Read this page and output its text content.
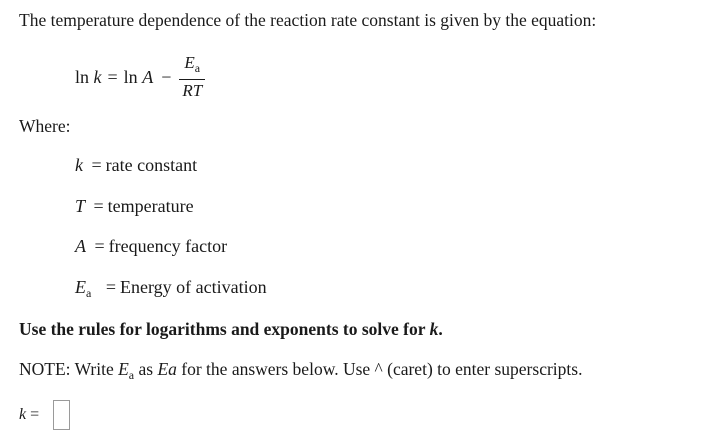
The temperature dependence of the reaction rate constant is given by the equation:
ln
k = ln
$A - \frac{E_a}{RT}$
Where:
k = rate constant
T = temperature
A = frequency factor
$E_a$ = Energy of activation
Use the rules for logarithms and exponents to solve for k.
NOTE: Write $E_a$ as Ea for the answers below. Use ^ (caret) to enter superscripts.
k =
